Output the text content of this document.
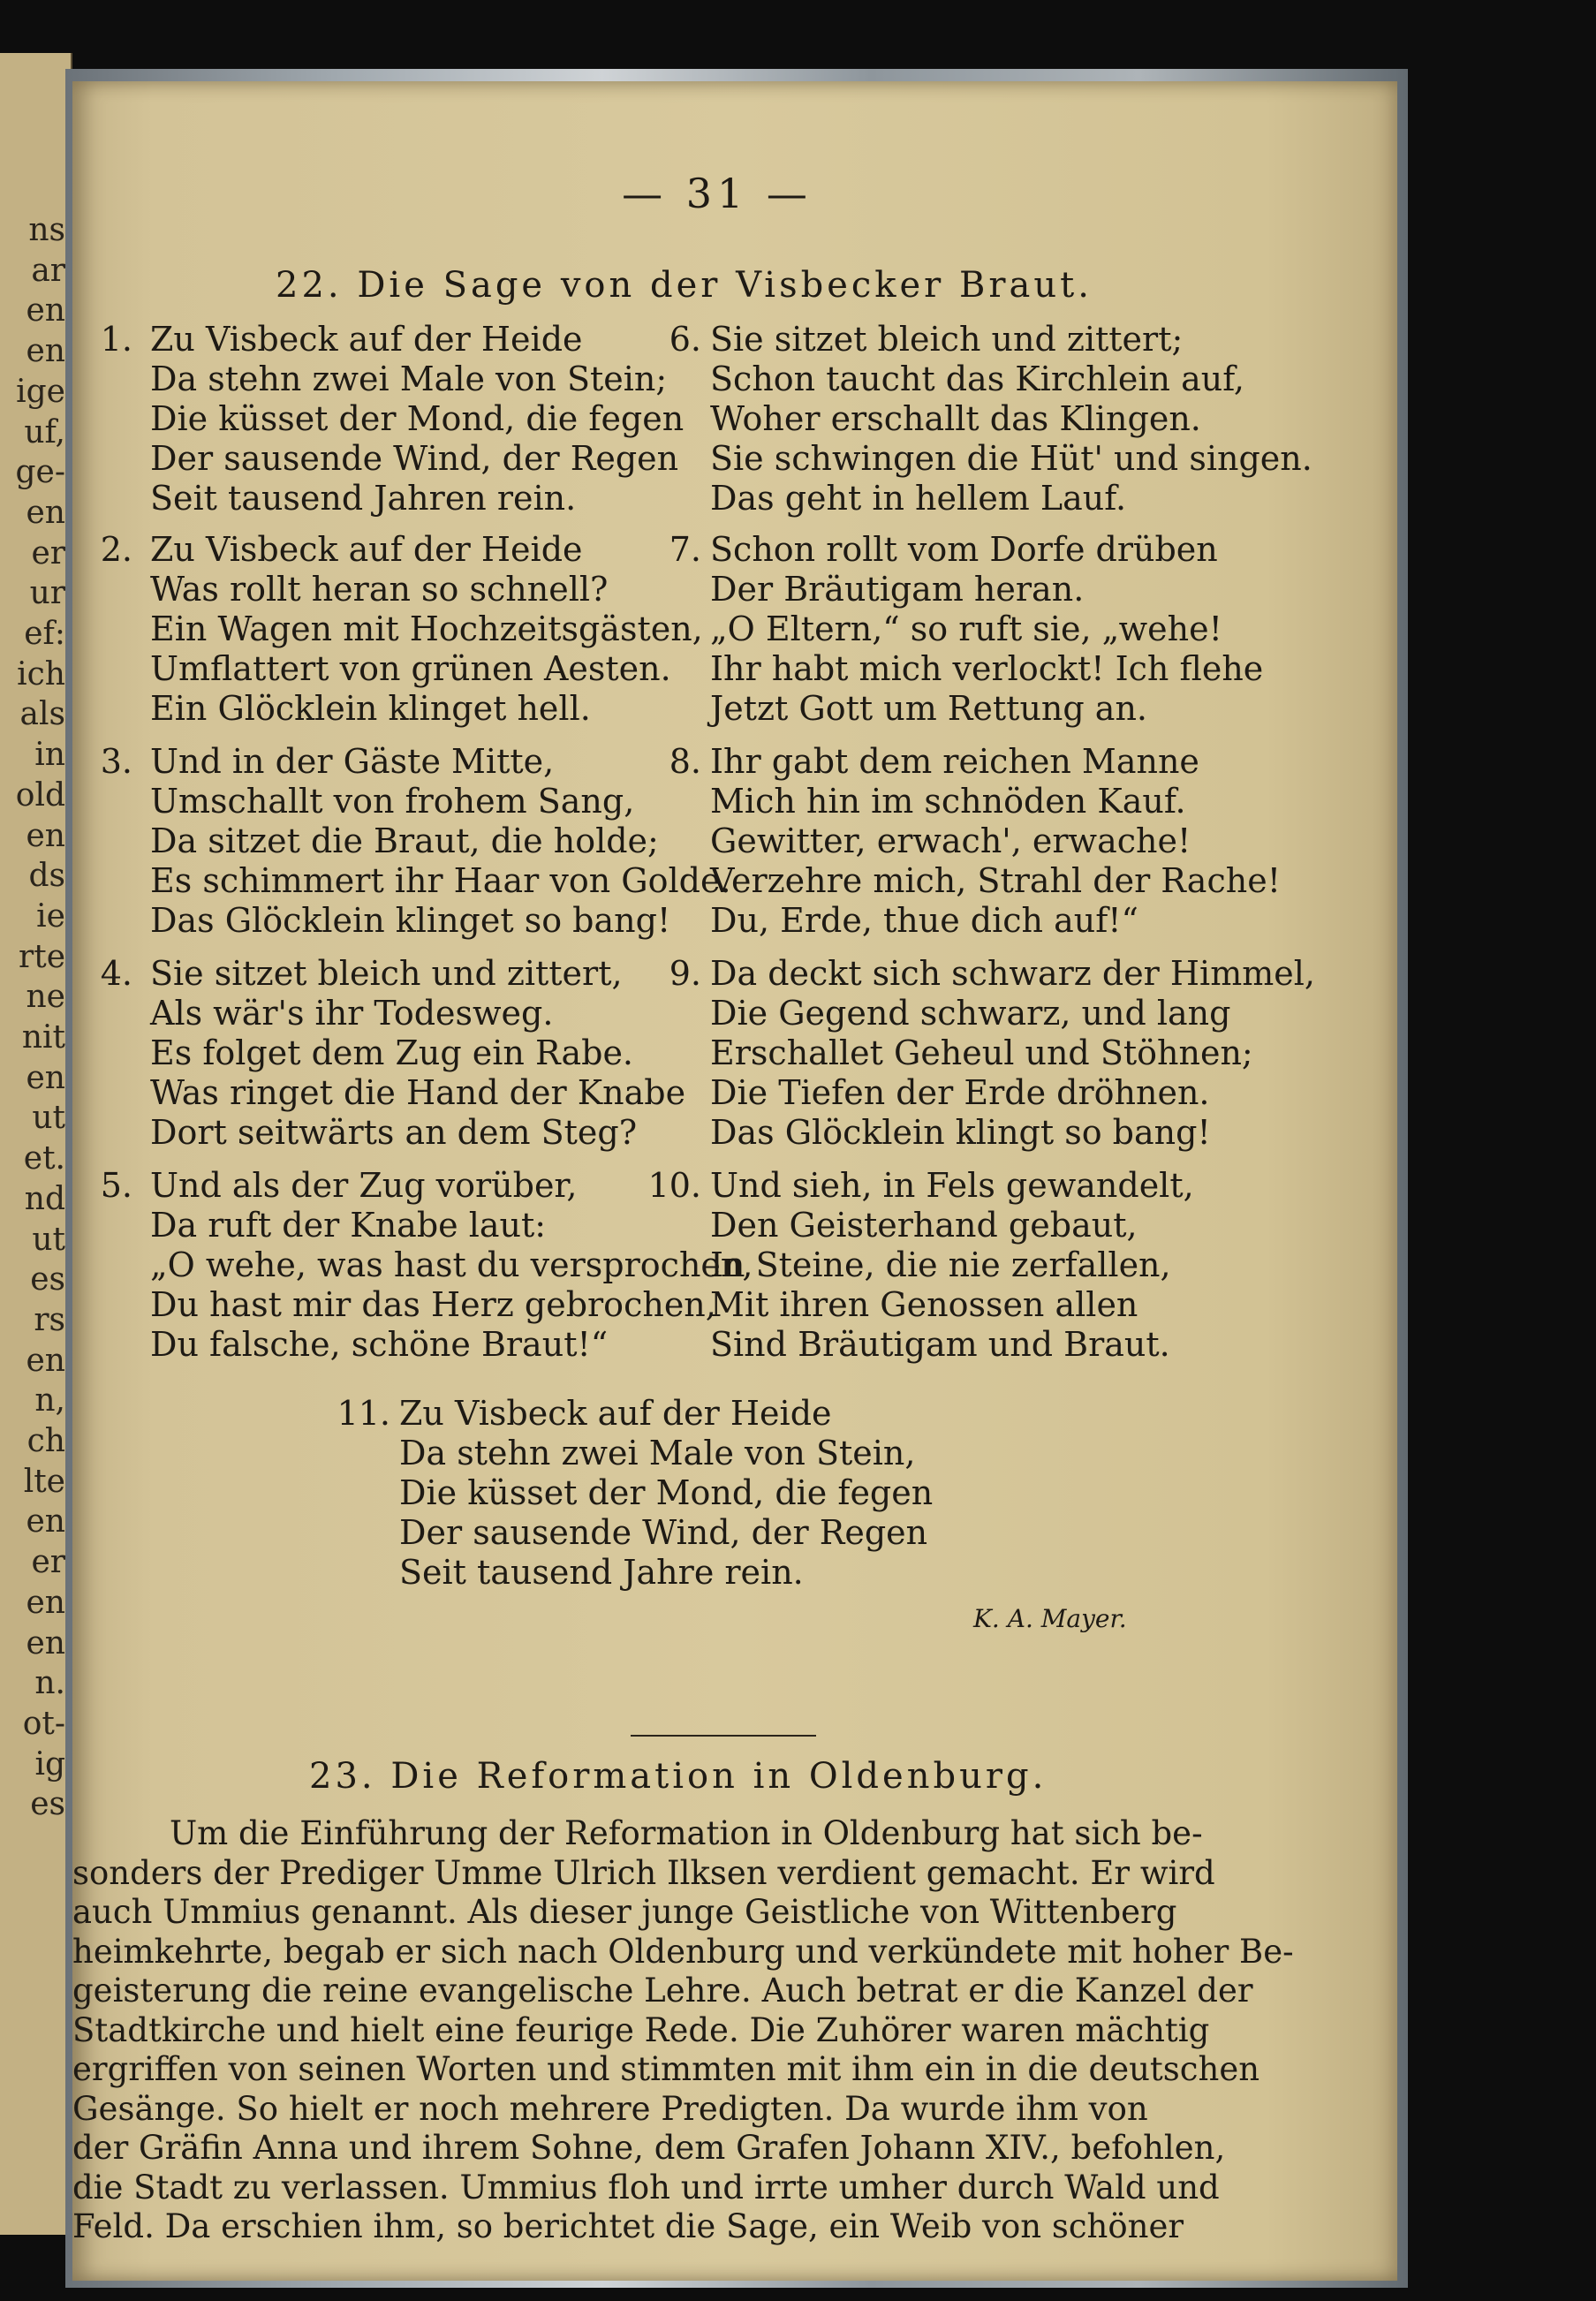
ns
ar
en
en
ige
uf,
ge-
en
er
ur
ef:
ich
als
in
old
en
ds
ie
rte
ne
nit
en
ut
et.
nd
ut
es
rs
en
n,
ch
lte
en
er
en
en
n.
ot-
ig
es
— 31 —
22. Die Sage von der Visbecker Braut.
1. Zu Visbeck auf der Heide
Da stehn zwei Male von Stein;
Die küsset der Mond, die fegen
Der sausende Wind, der Regen
Seit tausend Jahren rein.
2. Zu Visbeck auf der Heide
Was rollt heran so schnell?
Ein Wagen mit Hochzeitsgästen,
Umflattert von grünen Aesten.
Ein Glöcklein klinget hell.
3. Und in der Gäste Mitte,
Umschallt von frohem Sang,
Da sitzet die Braut, die holde;
Es schimmert ihr Haar von Golde.
Das Glöcklein klinget so bang!
4. Sie sitzet bleich und zittert,
Als wär's ihr Todesweg.
Es folget dem Zug ein Rabe.
Was ringet die Hand der Knabe
Dort seitwärts an dem Steg?
5. Und als der Zug vorüber,
Da ruft der Knabe laut:
„O wehe, was hast du versprochen,
Du hast mir das Herz gebrochen,
Du falsche, schöne Braut!“
6. Sie sitzet bleich und zittert;
Schon taucht das Kirchlein auf,
Woher erschallt das Klingen.
Sie schwingen die Hüt' und singen.
Das geht in hellem Lauf.
7. Schon rollt vom Dorfe drüben
Der Bräutigam heran.
„O Eltern,“ so ruft sie, „wehe!
Ihr habt mich verlockt! Ich flehe
Jetzt Gott um Rettung an.
8. Ihr gabt dem reichen Manne
Mich hin im schnöden Kauf.
Gewitter, erwach', erwache!
Verzehre mich, Strahl der Rache!
Du, Erde, thue dich auf!“
9. Da deckt sich schwarz der Himmel,
Die Gegend schwarz, und lang
Erschallet Geheul und Stöhnen;
Die Tiefen der Erde dröhnen.
Das Glöcklein klingt so bang!
10. Und sieh, in Fels gewandelt,
Den Geisterhand gebaut,
In Steine, die nie zerfallen,
Mit ihren Genossen allen
Sind Bräutigam und Braut.
11. Zu Visbeck auf der Heide
Da stehn zwei Male von Stein,
Die küsset der Mond, die fegen
Der sausende Wind, der Regen
Seit tausend Jahre rein.
K. A. Mayer.
23. Die Reformation in Oldenburg.
Um die Einführung der Reformation in Oldenburg hat sich be-
sonders der Prediger Umme Ulrich Ilksen verdient gemacht. Er wird
auch Ummius genannt. Als dieser junge Geistliche von Wittenberg
heimkehrte, begab er sich nach Oldenburg und verkündete mit hoher Be-
geisterung die reine evangelische Lehre. Auch betrat er die Kanzel der
Stadtkirche und hielt eine feurige Rede. Die Zuhörer waren mächtig
ergriffen von seinen Worten und stimmten mit ihm ein in die deutschen
Gesänge. So hielt er noch mehrere Predigten. Da wurde ihm von
der Gräfin Anna und ihrem Sohne, dem Grafen Johann XIV., befohlen,
die Stadt zu verlassen. Ummius floh und irrte umher durch Wald und
Feld. Da erschien ihm, so berichtet die Sage, ein Weib von schöner
